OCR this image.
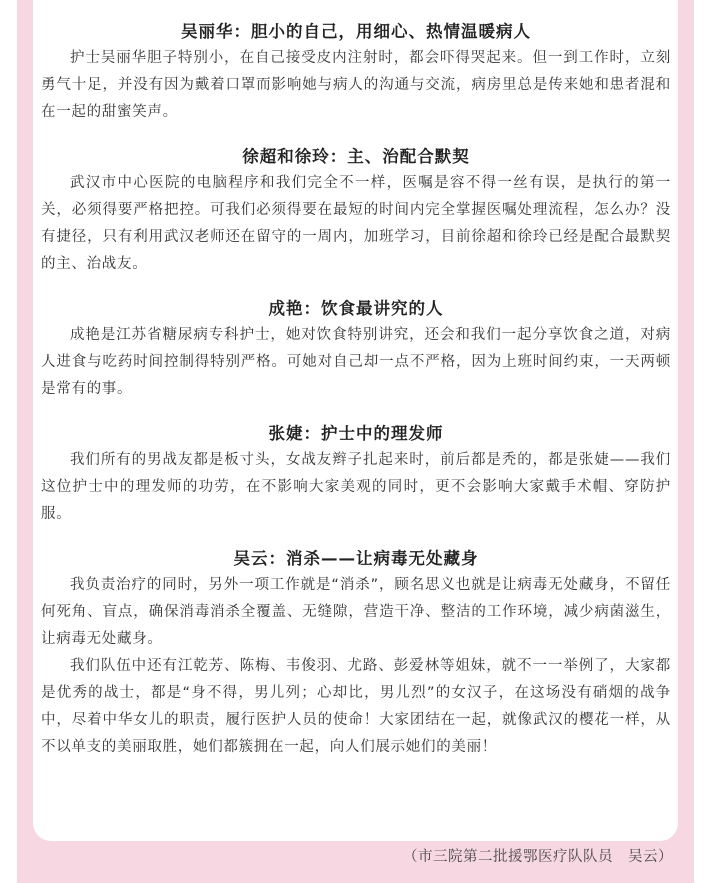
吴丽华：胆小的自己，用细心、热情温暖病人

护士吴丽华胆子特别小，在自己接受皮内注射时，都会吓得哭起来。但一到工作时，立刻勇气十足，并没有因为戴着口罩而影响她与病人的沟通与交流，病房里总是传来她和患者混和在一起的甜蜜笑声。

徐超和徐玲：主、治配合默契

武汉市中心医院的电脑程序和我们完全不一样，医嘱是容不得一丝有误，是执行的第一关，必须得要严格把控。可我们必须得要在最短的时间内完全掌握医嘱处理流程，怎么办？没有捷径，只有利用武汉老师还在留守的一周内，加班学习，目前徐超和徐玲已经是配合最默契的主、治战友。

成艳：饮食最讲究的人

成艳是江苏省糖尿病专科护士，她对饮食特别讲究，还会和我们一起分享饮食之道，对病人进食与吃药时间控制得特别严格。可她对自己却一点不严格，因为上班时间约束，一天两顿是常有的事。

张婕：护士中的理发师

我们所有的男战友都是板寸头，女战友辫子扎起来时，前后都是秃的，都是张婕——我们这位护士中的理发师的功劳，在不影响大家美观的同时，更不会影响大家戴手术帽、穿防护服。

吴云：消杀——让病毒无处藏身

我负责治疗的同时，另外一项工作就是“消杀”，顾名思义也就是让病毒无处藏身，不留任何死角、盲点，确保消毒消杀全覆盖、无缝隙，营造干净、整洁的工作环境，减少病菌滋生，让病毒无处藏身。

我们队伍中还有江乾芳、陈梅、韦俊羽、尤路、彭爱林等姐妹，就不一一举例了，大家都是优秀的战士，都是“身不得，男儿列；心却比，男儿烈”的女汉子，在这场没有硝烟的战争中，尽着中华女儿的职责，履行医护人员的使命！大家团结在一起，就像武汉的樱花一样，从不以单支的美丽取胜，她们都簇拥在一起，向人们展示她们的美丽！

（市三院第二批援鄂医疗队队员　吴云）
